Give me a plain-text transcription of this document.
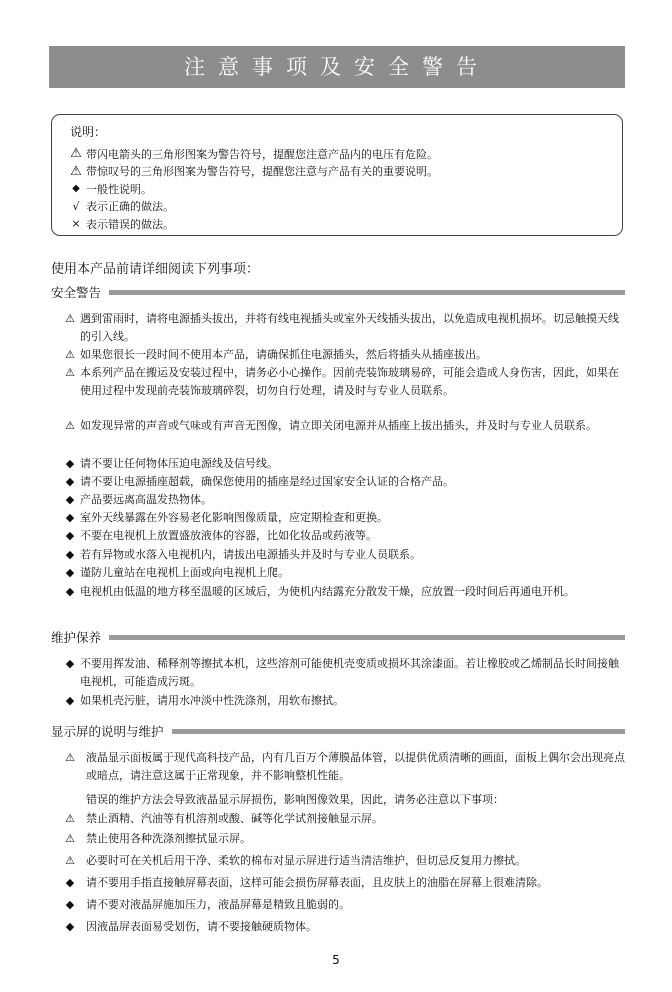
注意事项及安全警告
说明：
⚠ 带闪电箭头的三角形图案为警告符号，提醒您注意产品内的电压有危险。
⚠ 带惊叹号的三角形图案为警告符号，提醒您注意与产品有关的重要说明。
◆ 一般性说明。
√ 表示正确的做法。
× 表示错误的做法。
使用本产品前请详细阅读下列事项：
安全警告
⚠ 遇到雷雨时，请将电源插头拔出，并将有线电视插头或室外天线插头拔出，以免造成电视机损坏。切忌触摸天线的引入线。
⚠ 如果您很长一段时间不使用本产品，请确保抓住电源插头，然后将插头从插座拔出。
⚠ 本系列产品在搬运及安装过程中，请务必小心操作。因前壳装饰玻璃易碎，可能会造成人身伤害，因此，如果在使用过程中发现前壳装饰玻璃碎裂，切勿自行处理，请及时与专业人员联系。
⚠ 如发现异常的声音或气味或有声音无图像，请立即关闭电源并从插座上拔出插头，并及时与专业人员联系。
◆ 请不要让任何物体压迫电源线及信号线。
◆ 请不要让电源插座超载，确保您使用的插座是经过国家安全认证的合格产品。
◆ 产品要远离高温发热物体。
◆ 室外天线暴露在外容易老化影响图像质量，应定期检查和更换。
◆ 不要在电视机上放置盛放液体的容器，比如化妆品或药液等。
◆ 若有异物或水落入电视机内，请拔出电源插头并及时与专业人员联系。
◆ 谨防儿童站在电视机上面或向电视机上爬。
◆ 电视机由低温的地方移至温暖的区域后，为使机内结露充分散发干燥，应放置一段时间后再通电开机。
维护保养
◆ 不要用挥发油、稀释剂等擦拭本机，这些溶剂可能使机壳变质或损坏其涂漆面。若让橡胶或乙烯制品长时间接触电视机，可能造成污斑。
◆ 如果机壳污脏，请用水冲淡中性洗涤剂，用软布擦拭。
显示屏的说明与维护
⚠	液晶显示面板属于现代高科技产品，内有几百万个薄膜晶体管，以提供优质清晰的画面，面板上偶尔会出现亮点或暗点，请注意这属于正常现象，并不影响整机性能。
错误的维护方法会导致液晶显示屏损伤，影响图像效果，因此，请务必注意以下事项：
⚠	禁止酒精、汽油等有机溶剂或酸、碱等化学试剂接触显示屏。
⚠	禁止使用各种洗涤剂擦拭显示屏。
⚠	必要时可在关机后用干净、柔软的棉布对显示屏进行适当清洁维护，但切忌反复用力擦拭。
◆	请不要用手指直接触屏幕表面，这样可能会损伤屏幕表面，且皮肤上的油脂在屏幕上很难清除。
◆	请不要对液晶屏施加压力，液晶屏幕是精致且脆弱的。
◆	因液晶屏表面易受划伤，请不要接触硬质物体。
5
